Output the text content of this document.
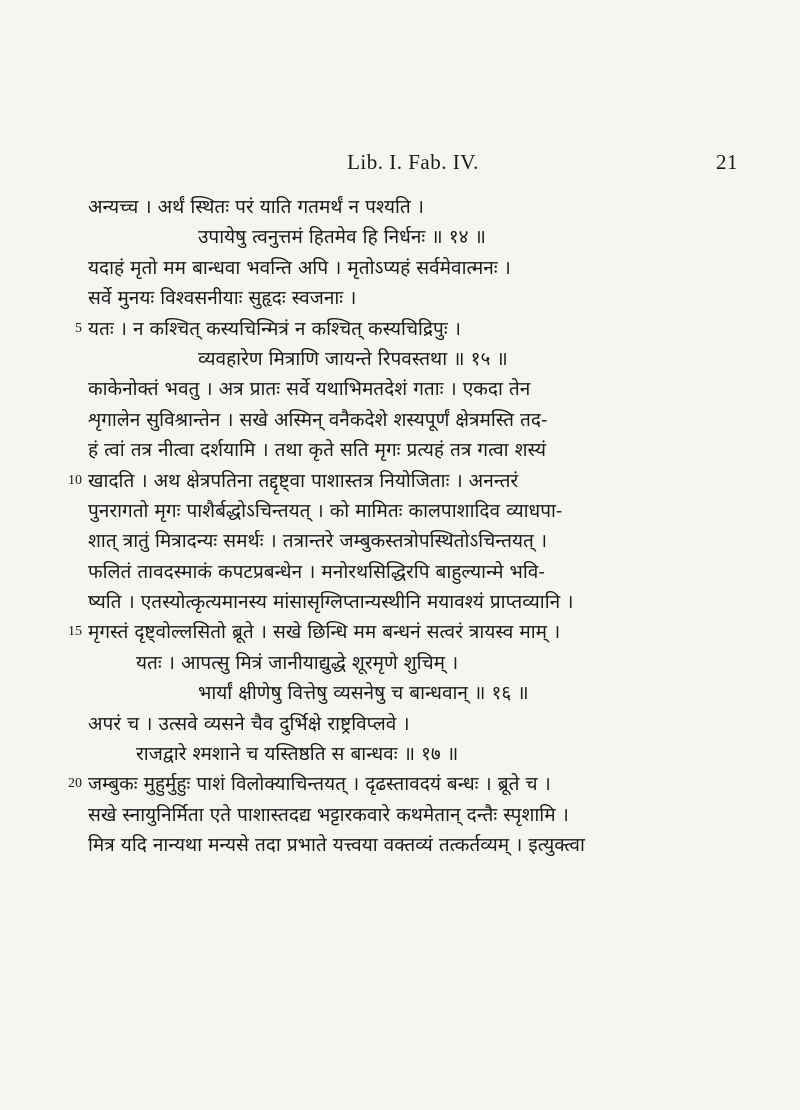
Lib. I. Fab. IV.	21
अन्यच्च । अर्थं स्थितः परं याति गतमर्थं न पश्यति ।
उपायेषु त्वनुत्तमं हितमेव हि निर्धनः ॥ १४ ॥
यदाहं मृतो मम बान्धवा भवन्ति अपि । मृतोऽप्यहं सर्वमेवात्मनः ।
सर्वे मुनयः विश्वसनीयाः सुहृदः स्वजनाः ।
5 यतः । न कश्चित् कस्यचिन्मित्रं न कश्चित् कस्यचिद्रिपुः ।
व्यवहारेण मित्राणि जायन्ते रिपवस्तथा ॥ १५ ॥
काकेनोक्तं भवतु । अत्र प्रातः सर्वे यथाभिमतदेशं गताः । एकदा तेन
शृगालेन सुविश्रान्तेन । सखे अस्मिन् वनैकदेशे शस्यपूर्णं क्षेत्रमस्ति तद-
हं त्वां तत्र नीत्वा दर्शयामि । तथा कृते सति मृगः प्रत्यहं तत्र गत्वा शस्यं
10 खादति । अथ क्षेत्रपतिना तद्दृष्ट्वा पाशास्तत्र नियोजिताः । अनन्तरं
पुनरागतो मृगः पाशैर्बद्धोऽचिन्तयत् । को मामितः कालपाशादिव व्याधपा-
शात् त्रातुं मित्रादन्यः समर्थः । तत्रान्तरे जम्बुकस्तत्रोपस्थितोऽचिन्तयत् ।
फलितं तावदस्माकं कपटप्रबन्धेन । मनोरथसिद्धिरपि बाहुल्यान्मे भवि-
ष्यति । एतस्योत्कृत्यमानस्य मांसासृग्लिप्तान्यस्थीनि मयावश्यं प्राप्तव्यानि ।
15 मृगस्तं दृष्ट्वोल्लसितो ब्रूते । सखे छिन्धि मम बन्धनं सत्वरं त्रायस्व माम् ।
यतः । आपत्सु मित्रं जानीयाद्युद्धे शूरमृणे शुचिम् ।
भार्यां क्षीणेषु वित्तेषु व्यसनेषु च बान्धवान् ॥ १६ ॥
अपरं च । उत्सवे व्यसने चैव दुर्भिक्षे राष्ट्रविप्लवे ।
राजद्वारे श्मशाने च यस्तिष्ठति स बान्धवः ॥ १७ ॥
20 जम्बुकः मुहुर्मुहुः पाशं विलोक्याचिन्तयत् । दृढस्तावदयं बन्धः । ब्रूते च ।
सखे स्नायुनिर्मिता एते पाशास्तदद्य भट्टारकवारे कथमेतान् दन्तैः स्पृशामि ।
मित्र यदि नान्यथा मन्यसे तदा प्रभाते यत्त्वया वक्तव्यं तत्कर्तव्यम् । इत्युक्त्वा
